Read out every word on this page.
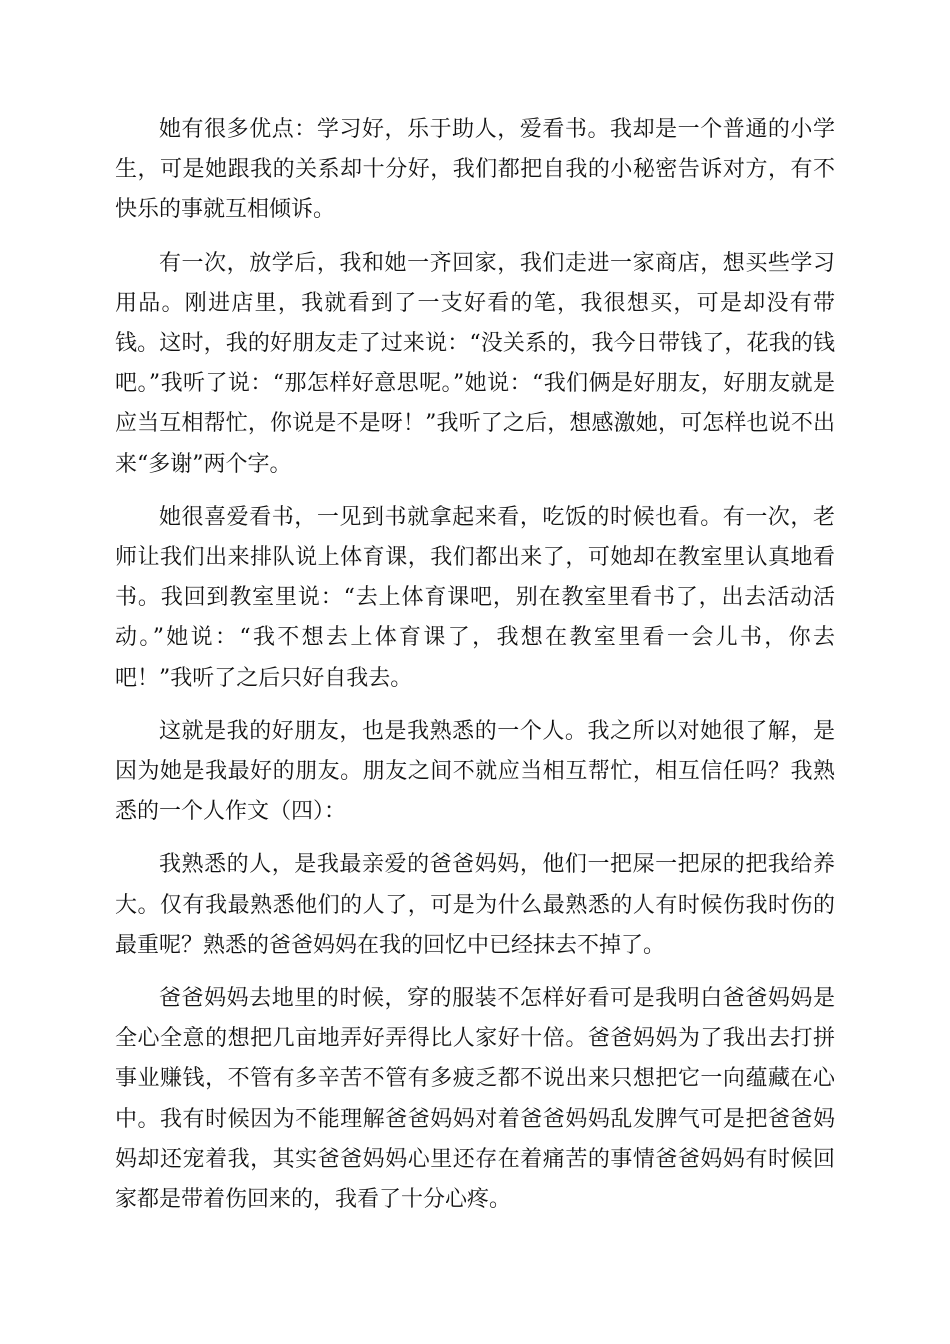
她有很多优点：学习好，乐于助人，爱看书。我却是一个普通的小学生，可是她跟我的关系却十分好，我们都把自我的小秘密告诉对方，有不快乐的事就互相倾诉。

有一次，放学后，我和她一齐回家，我们走进一家商店，想买些学习用品。刚进店里，我就看到了一支好看的笔，我很想买，可是却没有带钱。这时，我的好朋友走了过来说：“没关系的，我今日带钱了，花我的钱吧。”我听了说：“那怎样好意思呢。”她说：“我们俩是好朋友，好朋友就是应当互相帮忙，你说是不是呀！”我听了之后，想感激她，可怎样也说不出来“多谢”两个字。

她很喜爱看书，一见到书就拿起来看，吃饭的时候也看。有一次，老师让我们出来排队说上体育课，我们都出来了，可她却在教室里认真地看书。我回到教室里说：“去上体育课吧，别在教室里看书了，出去活动活动。”她说：“我不想去上体育课了，我想在教室里看一会儿书，你去吧！”我听了之后只好自我去。

这就是我的好朋友，也是我熟悉的一个人。我之所以对她很了解，是因为她是我最好的朋友。朋友之间不就应当相互帮忙，相互信任吗？我熟悉的一个人作文（四）：

我熟悉的人，是我最亲爱的爸爸妈妈，他们一把屎一把尿的把我给养大。仅有我最熟悉他们的人了，可是为什么最熟悉的人有时候伤我时伤的最重呢？熟悉的爸爸妈妈在我的回忆中已经抹去不掉了。

爸爸妈妈去地里的时候，穿的服装不怎样好看可是我明白爸爸妈妈是全心全意的想把几亩地弄好弄得比人家好十倍。爸爸妈妈为了我出去打拼事业赚钱，不管有多辛苦不管有多疲乏都不说出来只想把它一向蕴藏在心中。我有时候因为不能理解爸爸妈妈对着爸爸妈妈乱发脾气可是把爸爸妈妈却还宠着我，其实爸爸妈妈心里还存在着痛苦的事情爸爸妈妈有时候回家都是带着伤回来的，我看了十分心疼。
